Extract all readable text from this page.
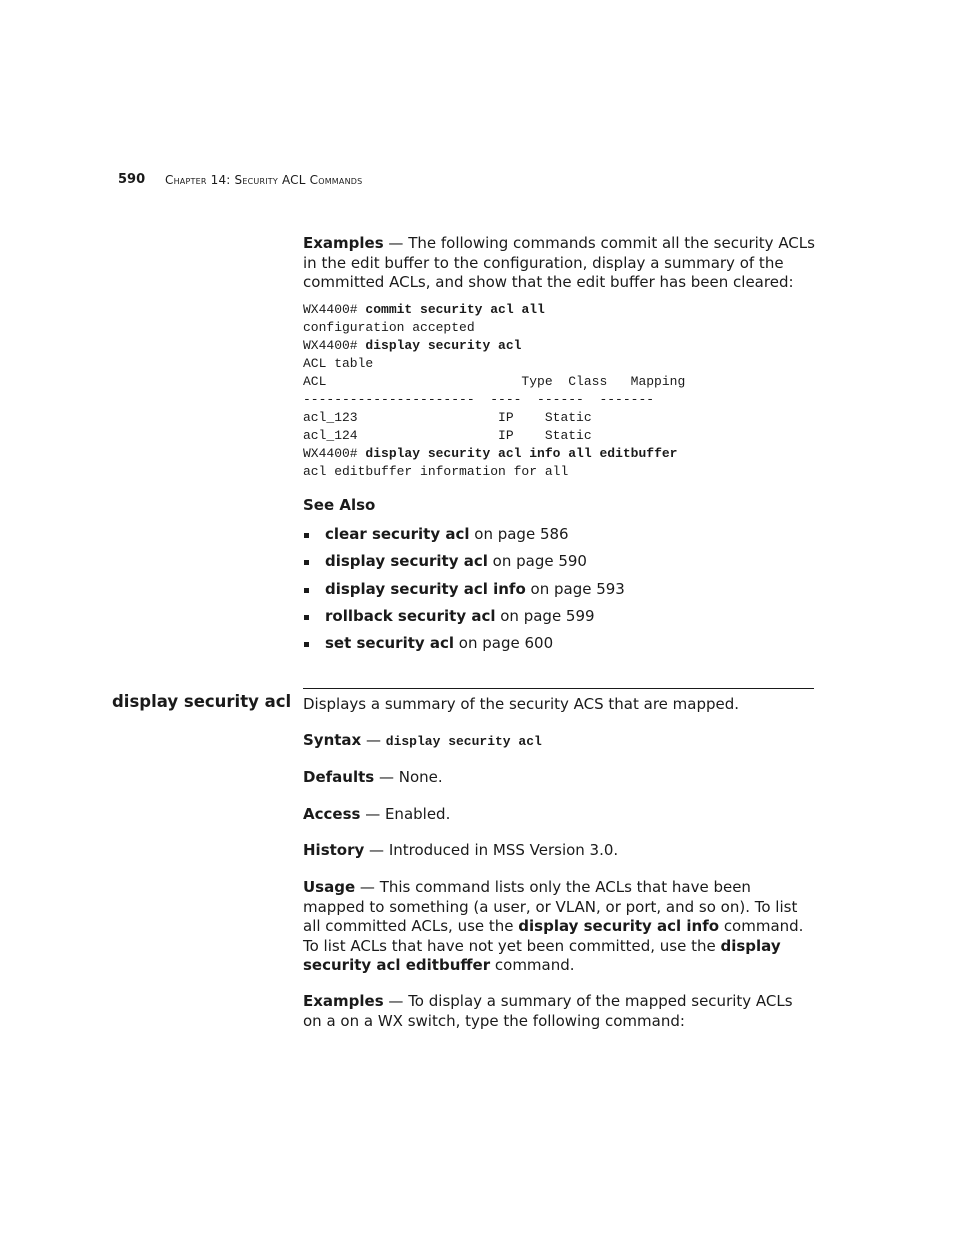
590 Chapter 14: Security ACL Commands
Examples — The following commands commit all the security ACLs in the edit buffer to the configuration, display a summary of the committed ACLs, and show that the edit buffer has been cleared:
WX4400# commit security acl all
configuration accepted
WX4400# display security acl
ACL table
ACL                         Type  Class   Mapping
----------------------  ----  ------  -------
acl_123                  IP    Static
acl_124                  IP    Static
WX4400# display security acl info all editbuffer
acl editbuffer information for all
See Also
clear security acl on page 586
display security acl on page 590
display security acl info on page 593
rollback security acl on page 599
set security acl on page 600
display security acl Displays a summary of the security ACS that are mapped.
Syntax — display security acl
Defaults — None.
Access — Enabled.
History — Introduced in MSS Version 3.0.
Usage — This command lists only the ACLs that have been mapped to something (a user, or VLAN, or port, and so on). To list all committed ACLs, use the display security acl info command. To list ACLs that have not yet been committed, use the display security acl editbuffer command.
Examples — To display a summary of the mapped security ACLs on a on a WX switch, type the following command:
